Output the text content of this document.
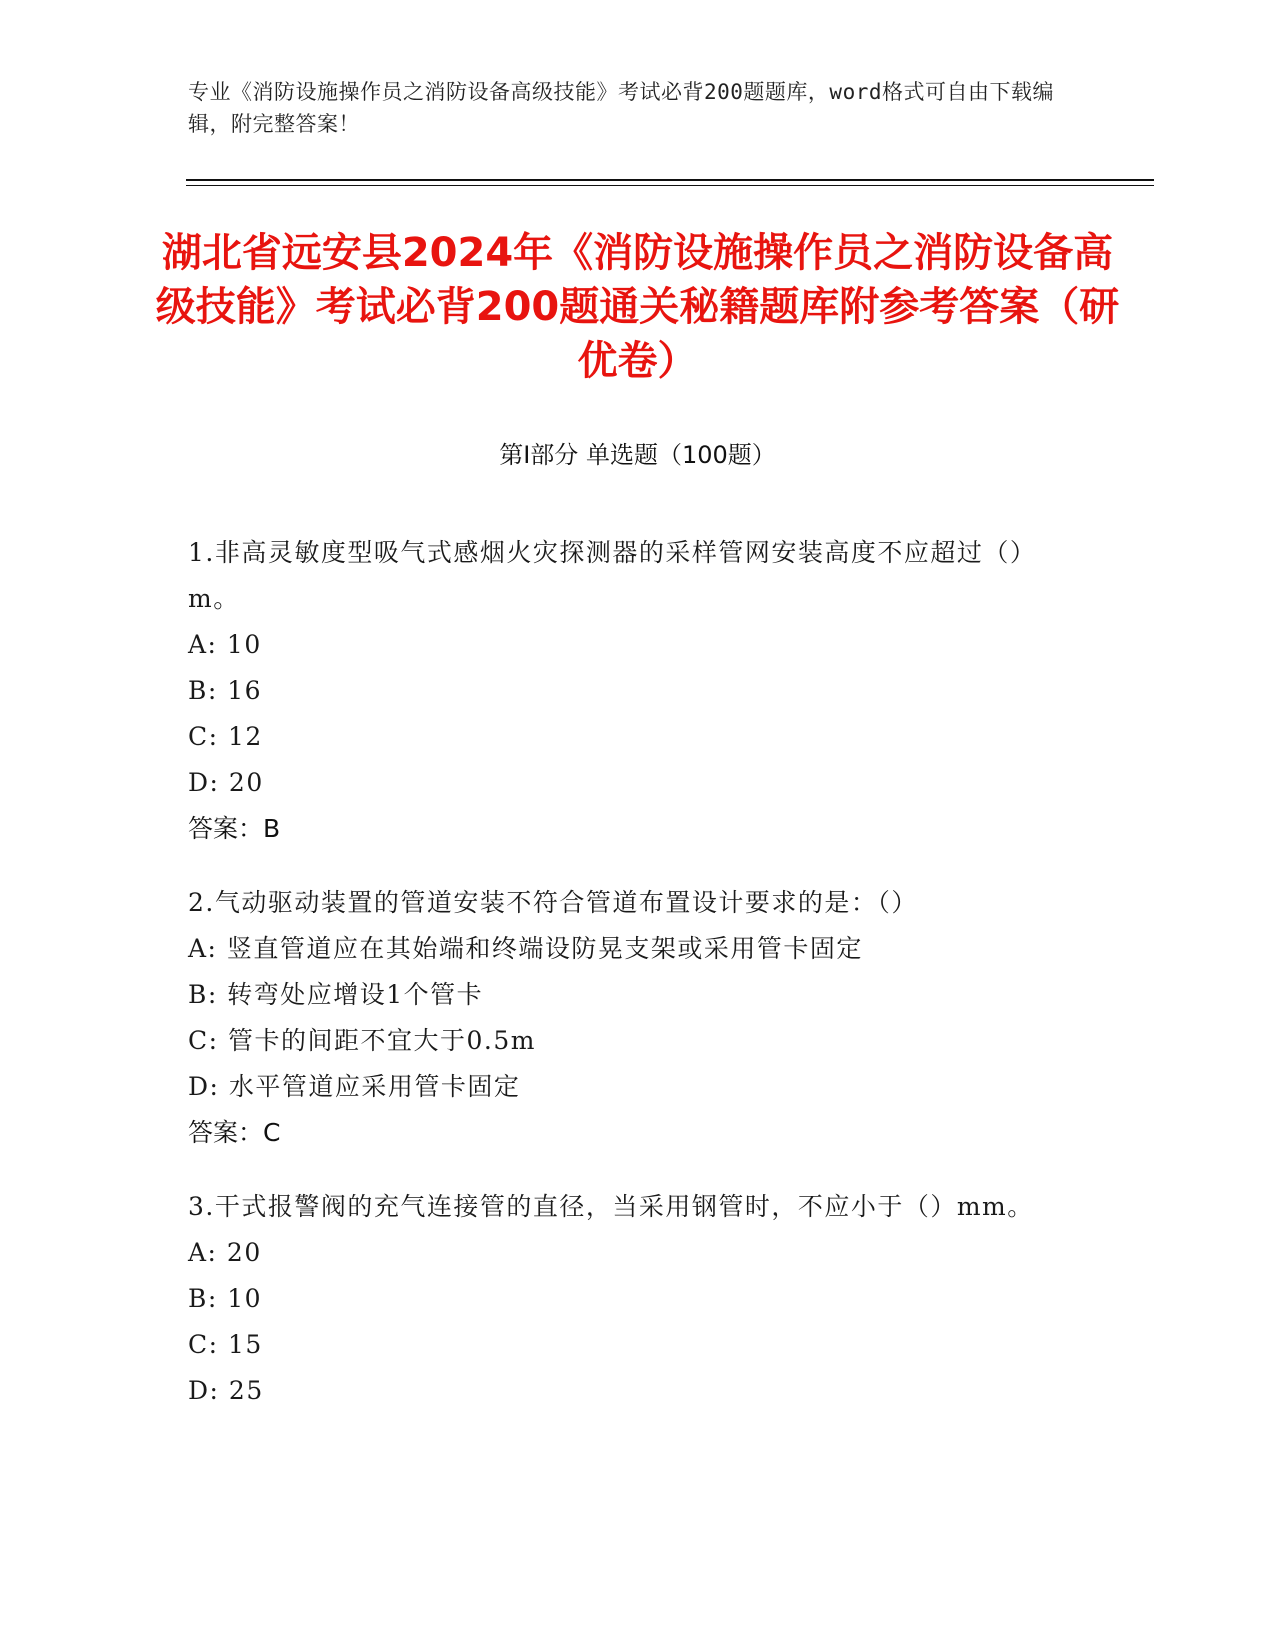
专业《消防设施操作员之消防设备高级技能》考试必背200题题库，word格式可自由下载编辑，附完整答案！
湖北省远安县2024年《消防设施操作员之消防设备高级技能》考试必背200题通关秘籍题库附参考答案（研优卷）
第I部分 单选题（100题）
1.非高灵敏度型吸气式感烟火灾探测器的采样管网安装高度不应超过（）m。
A: 10
B: 16
C: 12
D: 20
答案：B
2.气动驱动装置的管道安装不符合管道布置设计要求的是：（）
A: 竖直管道应在其始端和终端设防晃支架或采用管卡固定
B: 转弯处应增设1个管卡
C: 管卡的间距不宜大于0.5m
D: 水平管道应采用管卡固定
答案：C
3.干式报警阀的充气连接管的直径，当采用钢管时，不应小于（）mm。
A: 20
B: 10
C: 15
D: 25
